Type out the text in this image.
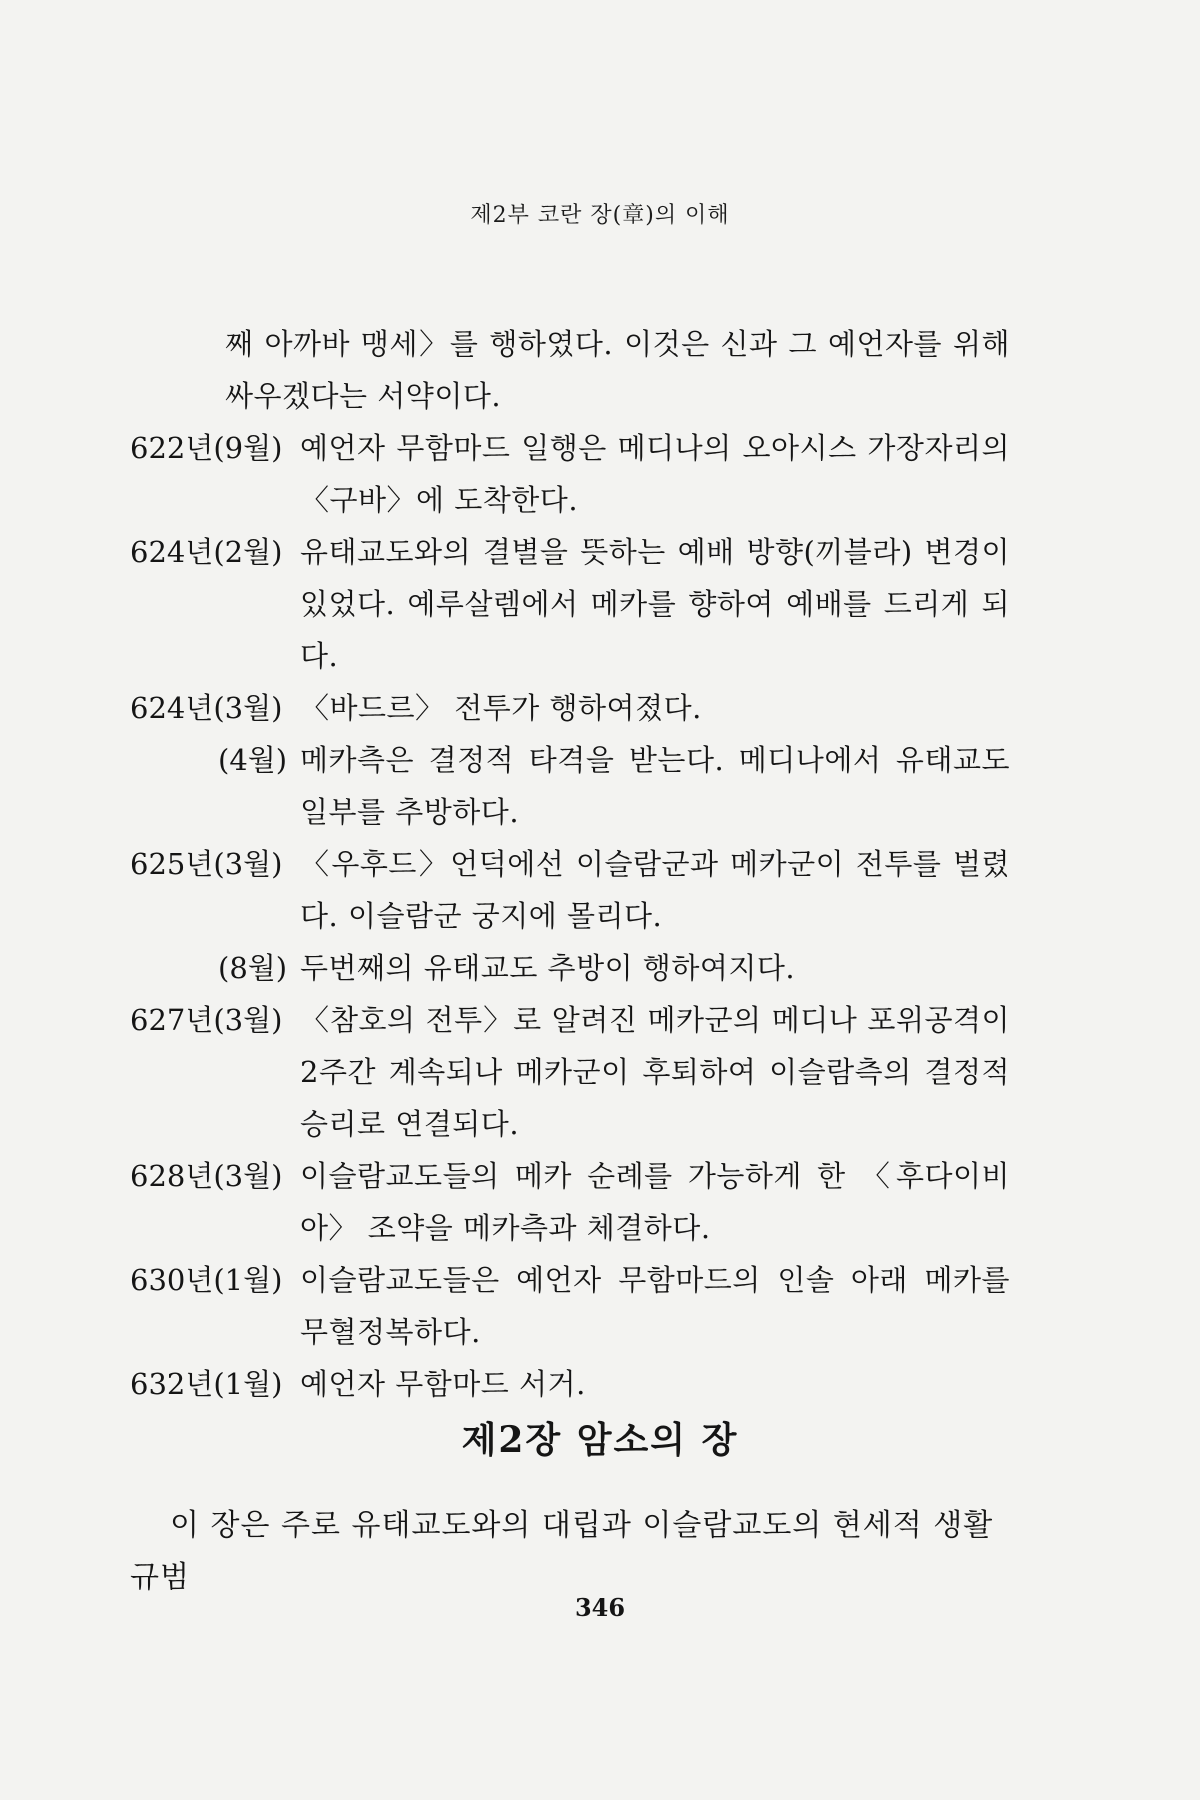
제2부 코란 장(章)의 이해

째 아까바 맹세〉를 행하였다. 이것은 신과 그 예언자를 위해 싸우겠다는 서약이다.
622년(9월) 예언자 무함마드 일행은 메디나의 오아시스 가장자리의 〈구바〉에 도착한다.
624년(2월) 유태교도와의 결별을 뜻하는 예배 방향(끼블라) 변경이 있었다. 예루살렘에서 메카를 향하여 예배를 드리게 되다.
624년(3월) 〈바드르〉 전투가 행하여졌다.
(4월) 메카측은 결정적 타격을 받는다. 메디나에서 유태교도 일부를 추방하다.
625년(3월) 〈우후드〉언덕에선 이슬람군과 메카군이 전투를 벌렸다. 이슬람군 궁지에 몰리다.
(8월) 두번째의 유태교도 추방이 행하여지다.
627년(3월) 〈참호의 전투〉로 알려진 메카군의 메디나 포위공격이 2주간 계속되나 메카군이 후퇴하여 이슬람측의 결정적 승리로 연결되다.
628년(3월) 이슬람교도들의 메카 순례를 가능하게 한 〈후다이비아〉 조약을 메카측과 체결하다.
630년(1월) 이슬람교도들은 예언자 무함마드의 인솔 아래 메카를 무혈정복하다.
632년(1월) 예언자 무함마드 서거.
제2장 암소의 장

이 장은 주로 유태교도와의 대립과 이슬람교도의 현세적 생활규범

346
